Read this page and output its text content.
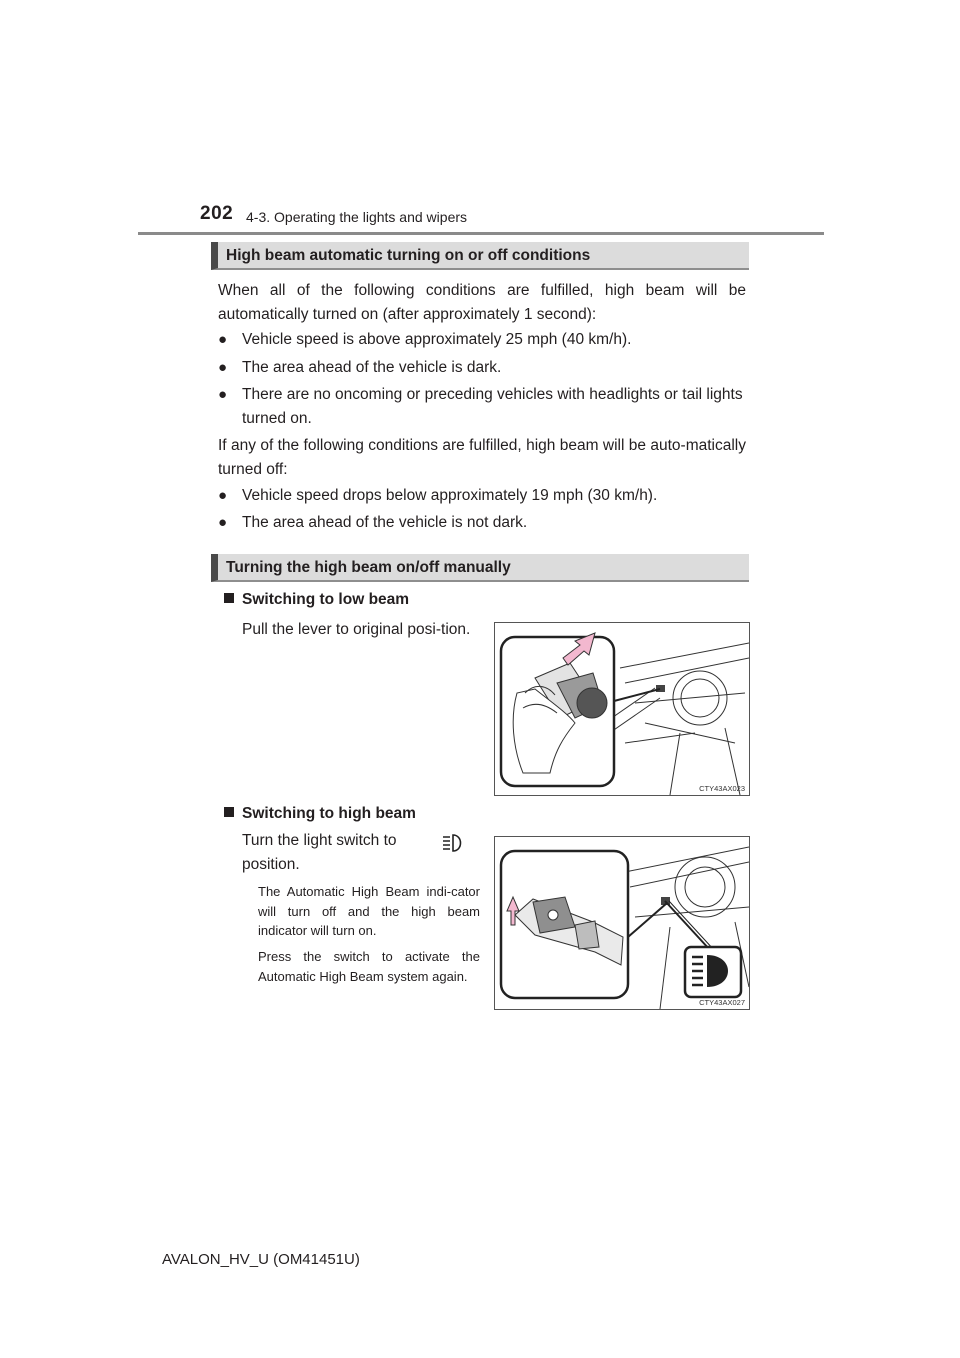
202 4-3. Operating the lights and wipers
High beam automatic turning on or off conditions
When all of the following conditions are fulfilled, high beam will be automatically turned on (after approximately 1 second):
● Vehicle speed is above approximately 25 mph (40 km/h).
● The area ahead of the vehicle is dark.
● There are no oncoming or preceding vehicles with headlights or tail lights turned on.
If any of the following conditions are fulfilled, high beam will be auto-matically turned off:
● Vehicle speed drops below approximately 19 mph (30 km/h).
● The area ahead of the vehicle is not dark.
Turning the high beam on/off manually
Switching to low beam
Pull the lever to original posi-tion.
CTY43AX023
Switching to high beam
Turn the light switch to
position.
The Automatic High Beam indi-cator will turn off and the high beam indicator will turn on.
Press the switch to activate the Automatic High Beam system again.
CTY43AX027
AVALON_HV_U (OM41451U)
